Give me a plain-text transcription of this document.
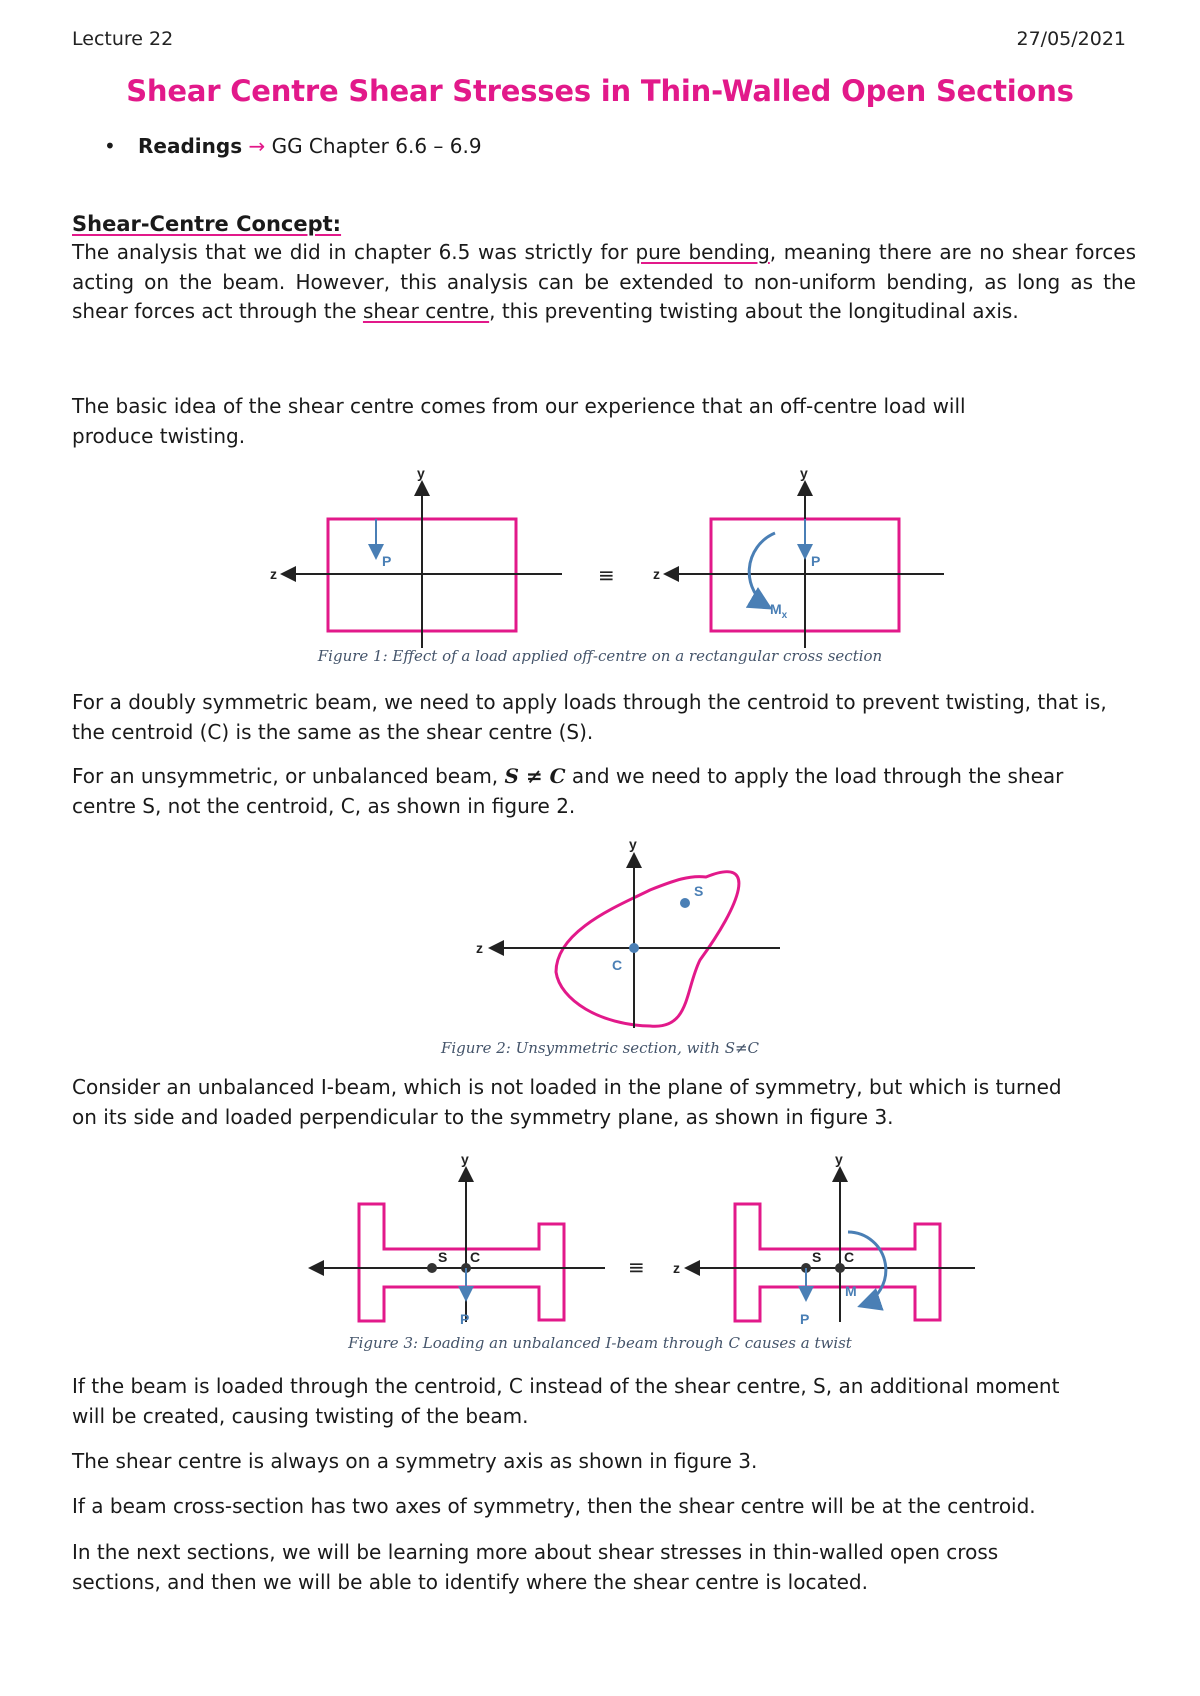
Lecture 22	27/05/2021
Shear Centre Shear Stresses in Thin-Walled Open Sections
• Readings → GG Chapter 6.6 – 6.9
Shear-Centre Concept:
The analysis that we did in chapter 6.5 was strictly for pure bending, meaning there are no shear forces acting on the beam. However, this analysis can be extended to non-uniform bending, as long as the shear forces act through the shear centre, this preventing twisting about the longitudinal axis.
The basic idea of the shear centre comes from our experience that an off-centre load will produce twisting.
y
z
P
≡
y
z
P
$M_x$
Figure 1: Effect of a load applied off-centre on a rectangular cross section
For a doubly symmetric beam, we need to apply loads through the centroid to prevent twisting, that is, the centroid (C) is the same as the shear centre (S).
For an unsymmetric, or unbalanced beam, S ≠ C and we need to apply the load through the shear centre S, not the centroid, C, as shown in figure 2.
y
z
S
C
Figure 2: Unsymmetric section, with S≠C
Consider an unbalanced I-beam, which is not loaded in the plane of symmetry, but which is turned on its side and loaded perpendicular to the symmetry plane, as shown in figure 3.
y
S C
P
≡
y
z
S C
P
M
Figure 3: Loading an unbalanced I-beam through C causes a twist
If the beam is loaded through the centroid, C instead of the shear centre, S, an additional moment will be created, causing twisting of the beam.
The shear centre is always on a symmetry axis as shown in figure 3.
If a beam cross-section has two axes of symmetry, then the shear centre will be at the centroid.
In the next sections, we will be learning more about shear stresses in thin-walled open cross sections, and then we will be able to identify where the shear centre is located.
